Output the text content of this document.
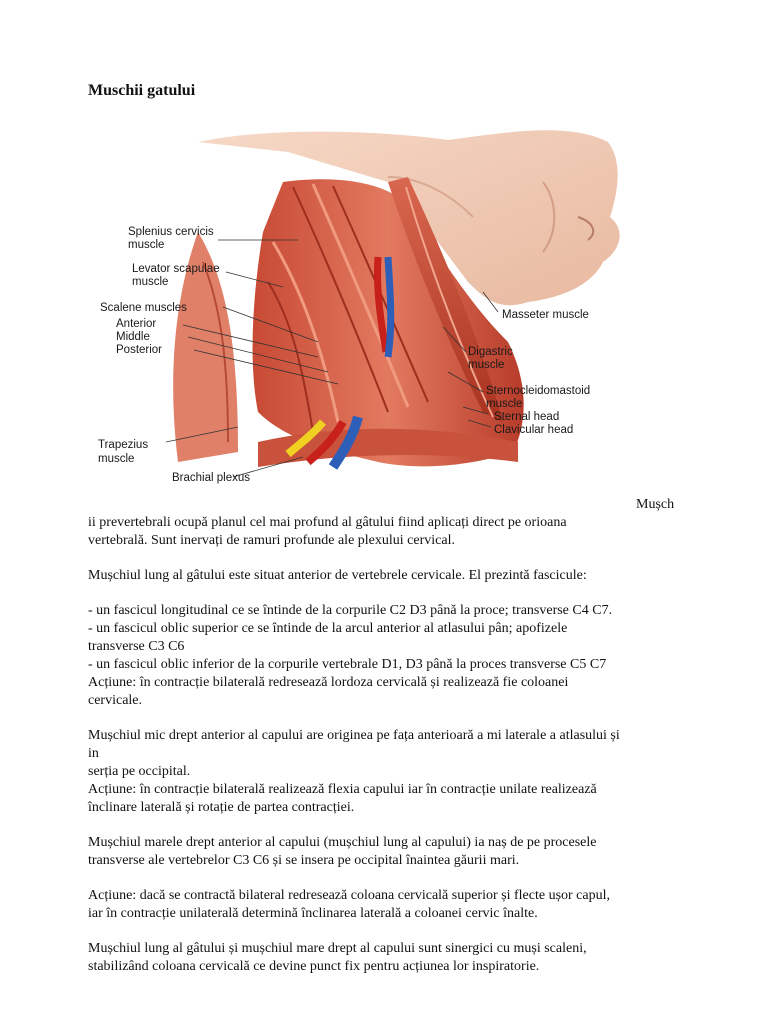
Muschii gatului
Splenius cervicis
muscle
Levator scapulae
muscle
Scalene muscles
Anterior
Middle
Posterior
Trapezius
muscle
Brachial plexus
Masseter muscle
Digastric
muscle
Sternocleidomastoid
muscle
Sternal head
Clavicular head
Mușch

ii prevertebrali ocupă planul cel mai profund al gâtului fiind aplicați direct pe orioana

vertebrală. Sunt inervați de ramuri profunde ale plexului cervical.

Mușchiul lung al gâtului este situat anterior de vertebrele cervicale. El prezintă fascicule:

- un fascicul longitudinal ce se întinde de la corpurile C2 D3 până la proce; transverse C4 C7.

- un fascicul oblic superior ce se întinde de la arcul anterior al atlasului pân; apofizele

transverse C3 C6

- un fascicul oblic inferior de la corpurile vertebrale D1, D3 până la proces transverse C5 C7

Acțiune: în contracție bilaterală redresează lordoza cervicală și realizează fie coloanei

cervicale.

Mușchiul mic drept anterior al capului are originea pe fața anterioară a mi laterale a atlasului și

in

serția pe occipital.

Acțiune: în contracție bilaterală realizează flexia capului iar în contracție unilate realizează

înclinare laterală și rotație de partea contracției.

Mușchiul marele drept anterior al capului (mușchiul lung al capului) ia naș de pe procesele

transverse ale vertebrelor C3 C6 și se insera pe occipital înaintea găurii mari.

Acțiune: dacă se contractă bilateral redresează coloana cervicală superior și flecte ușor capul,

iar în contracție unilaterală determină înclinarea laterală a coloanei cervic înalte.

Mușchiul lung al gâtului și mușchiul mare drept al capului sunt sinergici cu muși scaleni,

stabilizând coloana cervicală ce devine punct fix pentru acțiunea lor inspiratorie.
